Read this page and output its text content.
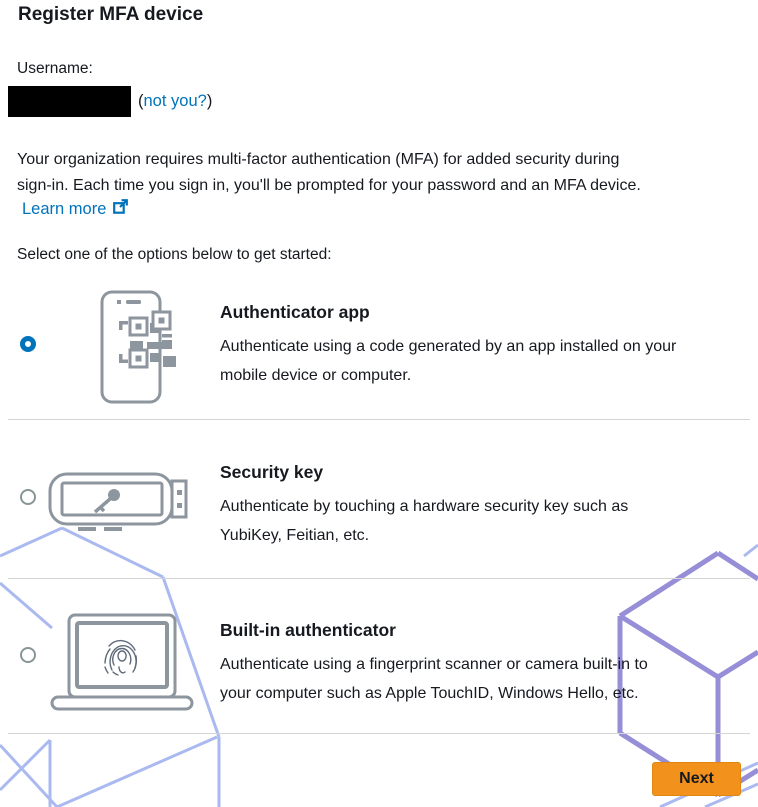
Register MFA device
Username:
(not you?)
Your organization requires multi-factor authentication (MFA) for added security during
sign-in. Each time you sign in, you'll be prompted for your password and an MFA device.
Learn more
Select one of the options below to get started:
Authenticator app
Authenticate using a code generated by an app installed on your
mobile device or computer.
Security key
Authenticate by touching a hardware security key such as
YubiKey, Feitian, etc.
Built-in authenticator
Authenticate using a fingerprint scanner or camera built-in to
your computer such as Apple TouchID, Windows Hello, etc.
Next
